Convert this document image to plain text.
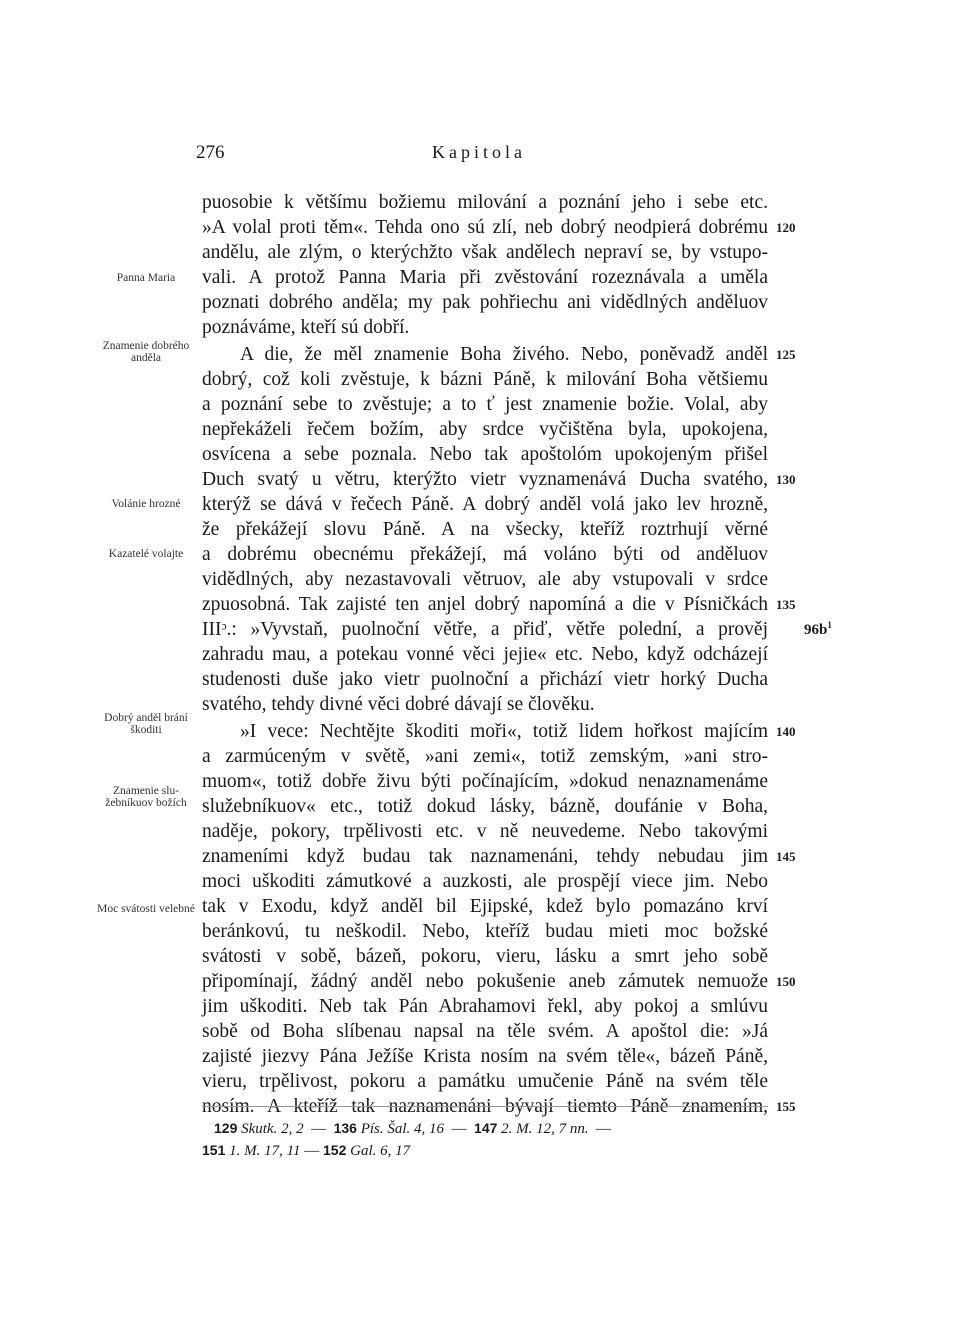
276	Kapitola
puosobie k většímu božiemu milování a poznání jeho i sebe etc.
»A volal proti těm«. Tehda ono sú zlí, neb dobrý neodpierá dobrému
andělu, ale zlým, o kterýchžto však andělech nepraví se, by vstupo-
vali. A protož Panna Maria při zvěstování rozeznávala a uměla
poznati dobrého anděla; my pak pohřiechu ani vidědlných anděluov
poznáváme, kteří sú dobří.
A die, že měl znamenie Boha živého. Nebo, poněvadž anděl
dobrý, což koli zvěstuje, k bázni Páně, k milování Boha většiemu
a poznání sebe to zvěstuje; a to ť jest znamenie božie. Volal, aby
nepřekáželi řečem božím, aby srdce vyčištěna byla, upokojena,
osvícena a sebe poznala. Nebo tak apoštolóm upokojeným přišel
Duch svatý u větru, kterýžto vietr vyznamenává Ducha svatého,
kterýž se dává v řečech Páně. A dobrý anděl volá jako lev hrozně,
že překážejí slovu Páně. A na všecky, kteříž roztrhují věrné
a dobrému obecnému překážejí, má voláno býti od anděluov
vidědlných, aby nezastavovali větruov, ale aby vstupovali v srdce
zpuosobná. Tak zajisté ten anjel dobrý napomíná a die v Písničkách
IIIᵓ.: »Vyvstaň, puolnoční větře, a přiď, větře polední, a prověj
zahradu mau, a potekau vonné věci jejie« etc. Nebo, když odcházejí
studenosti duše jako vietr puolnoční a přichází vietr horký Ducha
svatého, tehdy divné věci dobré dávají se člověku.
»I vece: Nechtějte škoditi moři«, totiž lidem hořkost majícím
a zarmúceným v světě, »ani zemi«, totiž zemským, »ani stro-
muom«, totiž dobře živu býti počínajícím, »dokud nenaznamenáme
služebníkuov« etc., totiž dokud lásky, bázně, doufánie v Boha,
naděje, pokory, trpělivosti etc. v ně neuvedeme. Nebo takovými
znameními když budau tak naznamenáni, tehdy nebudau jim
moci uškoditi zámutkové a auzkosti, ale prospějí viece jim. Nebo
tak v Exodu, když anděl bil Ejipské, kdež bylo pomazáno krví
beránkovú, tu neškodil. Nebo, kteříž budau mieti moc božské
svátosti v sobě, bázeň, pokoru, vieru, lásku a smrt jeho sobě
připomínají, žádný anděl nebo pokušenie aneb zámutek nemuože
jim uškoditi. Neb tak Pán Abrahamovi řekl, aby pokoj a smlúvu
sobě od Boha slíbenau napsal na těle svém. A apoštol die: »Já
zajisté jiezvy Pána Ježíše Krista nosím na svém těle«, bázeň Páně,
vieru, trpělivost, pokoru a památku umučenie Páně na svém těle
nosím. A kteříž tak naznamenáni bývají tiemto Páně znamením,
120
125
130
135
140
145
150
155
Panna Maria
Znamenie dobrého anděla
Volánie hrozné
Kazatelé volajte
Dobrý anděl brání škoditi
Znamenie slu-žebníkuov božích
Moc svátosti velebné
$96b^1$
129 Skutk. 2, 2  —  136 Pís. Šal. 4, 16  —  147 2. M. 12, 7 nn.  —
151 1. M. 17, 11 — 152 Gal. 6, 17
